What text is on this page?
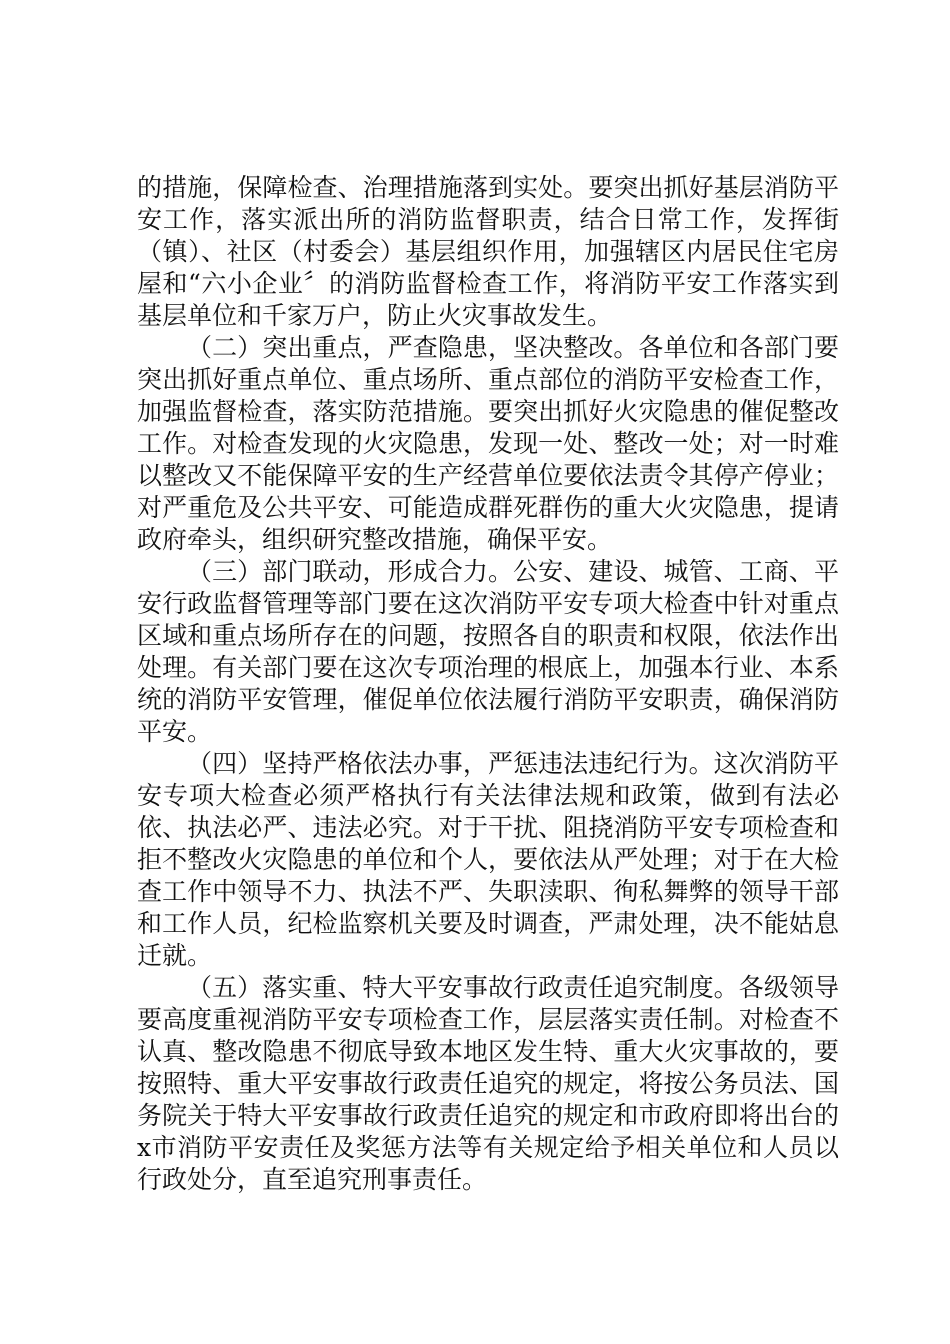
的措施，保障检查、治理措施落到实处。要突出抓好基层消防平安工作，落实派出所的消防监督职责，结合日常工作，发挥街（镇）、社区（村委会）基层组织作用，加强辖区内居民住宅房屋和“六小企业〞的消防监督检查工作，将消防平安工作落实到基层单位和千家万户，防止火灾事故发生。

（二）突出重点，严查隐患，坚决整改。各单位和各部门要突出抓好重点单位、重点场所、重点部位的消防平安检查工作，加强监督检查，落实防范措施。要突出抓好火灾隐患的催促整改工作。对检查发现的火灾隐患，发现一处、整改一处；对一时难以整改又不能保障平安的生产经营单位要依法责令其停产停业；对严重危及公共平安、可能造成群死群伤的重大火灾隐患，提请政府牵头，组织研究整改措施，确保平安。

（三）部门联动，形成合力。公安、建设、城管、工商、平安行政监督管理等部门要在这次消防平安专项大检查中针对重点区域和重点场所存在的问题，按照各自的职责和权限，依法作出处理。有关部门要在这次专项治理的根底上，加强本行业、本系统的消防平安管理，催促单位依法履行消防平安职责，确保消防平安。

（四）坚持严格依法办事，严惩违法违纪行为。这次消防平安专项大检查必须严格执行有关法律法规和政策，做到有法必依、执法必严、违法必究。对于干扰、阻挠消防平安专项检查和拒不整改火灾隐患的单位和个人，要依法从严处理；对于在大检查工作中领导不力、执法不严、失职渎职、徇私舞弊的领导干部和工作人员，纪检监察机关要及时调查，严肃处理，决不能姑息迁就。

（五）落实重、特大平安事故行政责任追究制度。各级领导要高度重视消防平安专项检查工作，层层落实责任制。对检查不认真、整改隐患不彻底导致本地区发生特、重大火灾事故的，要按照特、重大平安事故行政责任追究的规定，将按公务员法、国务院关于特大平安事故行政责任追究的规定和市政府即将出台的x市消防平安责任及奖惩方法等有关规定给予相关单位和人员以行政处分，直至追究刑事责任。
